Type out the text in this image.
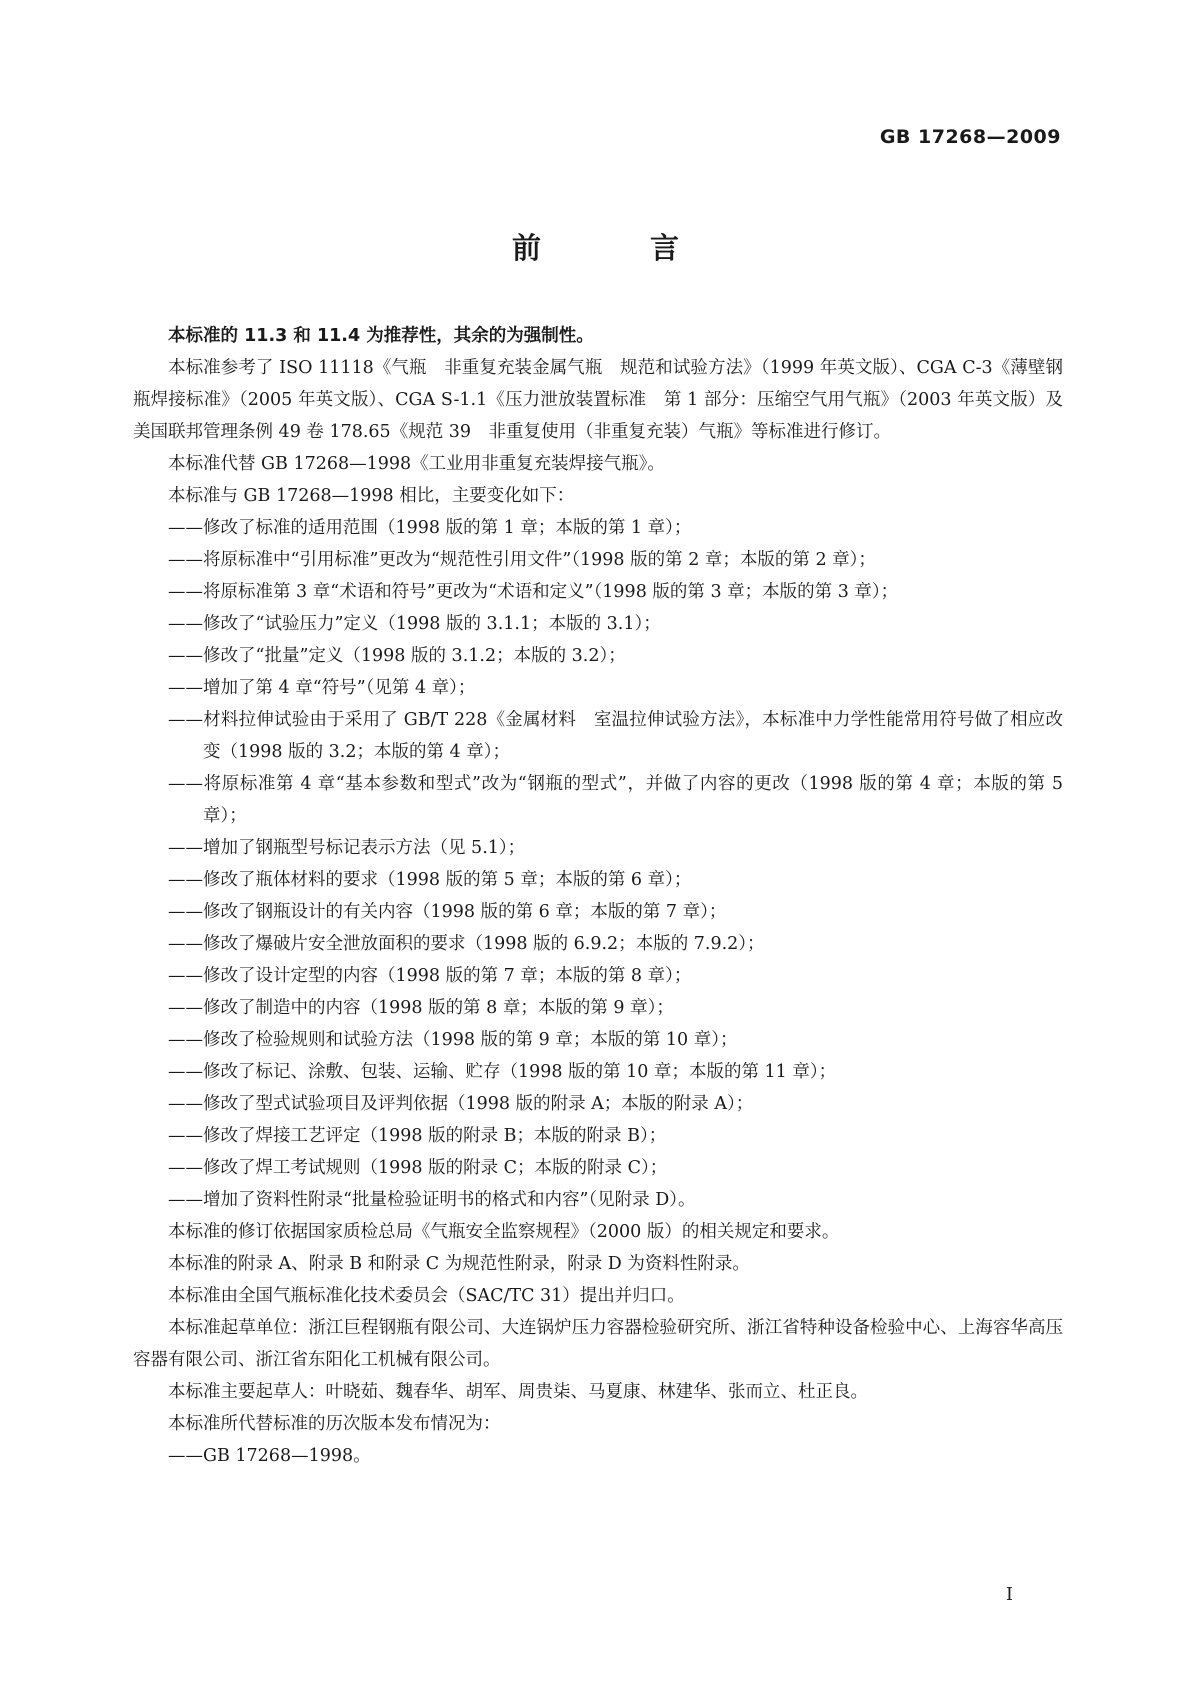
GB 17268—2009
前　言

本标准的 11.3 和 11.4 为推荐性，其余的为强制性。

本标准参考了 ISO 11118《气瓶　非重复充装金属气瓶　规范和试验方法》（1999 年英文版）、CGA C-3《薄壁钢瓶焊接标准》（2005 年英文版）、CGA S-1.1《压力泄放装置标准　第 1 部分：压缩空气用气瓶》（2003 年英文版）及美国联邦管理条例 49 卷 178.65《规范 39　非重复使用（非重复充装）气瓶》等标准进行修订。

本标准代替 GB 17268—1998《工业用非重复充装焊接气瓶》。

本标准与 GB 17268—1998 相比，主要变化如下：

——修改了标准的适用范围（1998 版的第 1 章；本版的第 1 章）；

——将原标准中“引用标准”更改为“规范性引用文件”（1998 版的第 2 章；本版的第 2 章）；

——将原标准第 3 章“术语和符号”更改为“术语和定义”（1998 版的第 3 章；本版的第 3 章）；

——修改了“试验压力”定义（1998 版的 3.1.1；本版的 3.1）；

——修改了“批量”定义（1998 版的 3.1.2；本版的 3.2）；

——增加了第 4 章“符号”（见第 4 章）；

——材料拉伸试验由于采用了 GB/T 228《金属材料　室温拉伸试验方法》，本标准中力学性能常用符号做了相应改变（1998 版的 3.2；本版的第 4 章）；

——将原标准第 4 章“基本参数和型式”改为“钢瓶的型式”，并做了内容的更改（1998 版的第 4 章；本版的第 5 章）；

——增加了钢瓶型号标记表示方法（见 5.1）；

——修改了瓶体材料的要求（1998 版的第 5 章；本版的第 6 章）；

——修改了钢瓶设计的有关内容（1998 版的第 6 章；本版的第 7 章）；

——修改了爆破片安全泄放面积的要求（1998 版的 6.9.2；本版的 7.9.2）；

——修改了设计定型的内容（1998 版的第 7 章；本版的第 8 章）；

——修改了制造中的内容（1998 版的第 8 章；本版的第 9 章）；

——修改了检验规则和试验方法（1998 版的第 9 章；本版的第 10 章）；

——修改了标记、涂敷、包装、运输、贮存（1998 版的第 10 章；本版的第 11 章）；

——修改了型式试验项目及评判依据（1998 版的附录 A；本版的附录 A）；

——修改了焊接工艺评定（1998 版的附录 B；本版的附录 B）；

——修改了焊工考试规则（1998 版的附录 C；本版的附录 C）；

——增加了资料性附录“批量检验证明书的格式和内容”（见附录 D）。

本标准的修订依据国家质检总局《气瓶安全监察规程》（2000 版）的相关规定和要求。

本标准的附录 A、附录 B 和附录 C 为规范性附录，附录 D 为资料性附录。

本标准由全国气瓶标准化技术委员会（SAC/TC 31）提出并归口。

本标准起草单位：浙江巨程钢瓶有限公司、大连锅炉压力容器检验研究所、浙江省特种设备检验中心、上海容华高压容器有限公司、浙江省东阳化工机械有限公司。

本标准主要起草人：叶晓茹、魏春华、胡军、周贵柒、马夏康、林建华、张而立、杜正良。

本标准所代替标准的历次版本发布情况为：

——GB 17268—1998。

I
